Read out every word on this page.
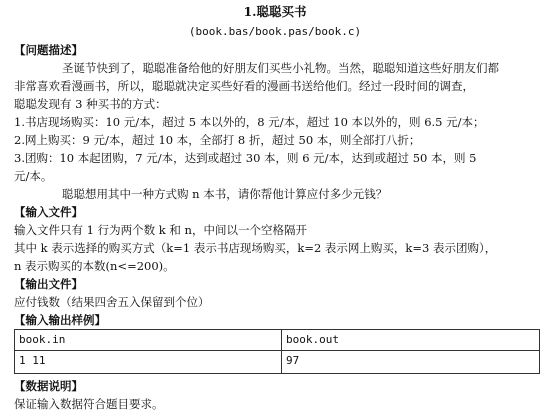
1.聪聪买书
(book.bas/book.pas/book.c)
【问题描述】
圣诞节快到了，聪聪准备给他的好朋友们买些小礼物。当然，聪聪知道这些好朋友们都
非常喜欢看漫画书，所以，聪聪就决定买些好看的漫画书送给他们。经过一段时间的调查，
聪聪发现有 3 种买书的方式：
1.书店现场购买：10 元/本，超过 5 本以外的，8 元/本，超过 10 本以外的，则 6.5 元/本；
2.网上购买：9 元/本，超过 10 本，全部打 8 折，超过 50 本，则全部打八折；
3.团购：10 本起团购，7 元/本，达到或超过 30 本，则 6 元/本，达到或超过 50 本，则 5
元/本。
聪聪想用其中一种方式购 n 本书，请你帮他计算应付多少元钱？
【输入文件】
输入文件只有 1 行为两个数 k 和 n，中间以一个空格隔开
其中 k 表示选择的购买方式（k=1 表示书店现场购买，k=2 表示网上购买，k=3 表示团购），
n 表示购买的本数(n<=200)。
【输出文件】
应付钱数（结果四舍五入保留到个位）
【输入输出样例】
book.in	book.out
1 11	97
【数据说明】
保证输入数据符合题目要求。
